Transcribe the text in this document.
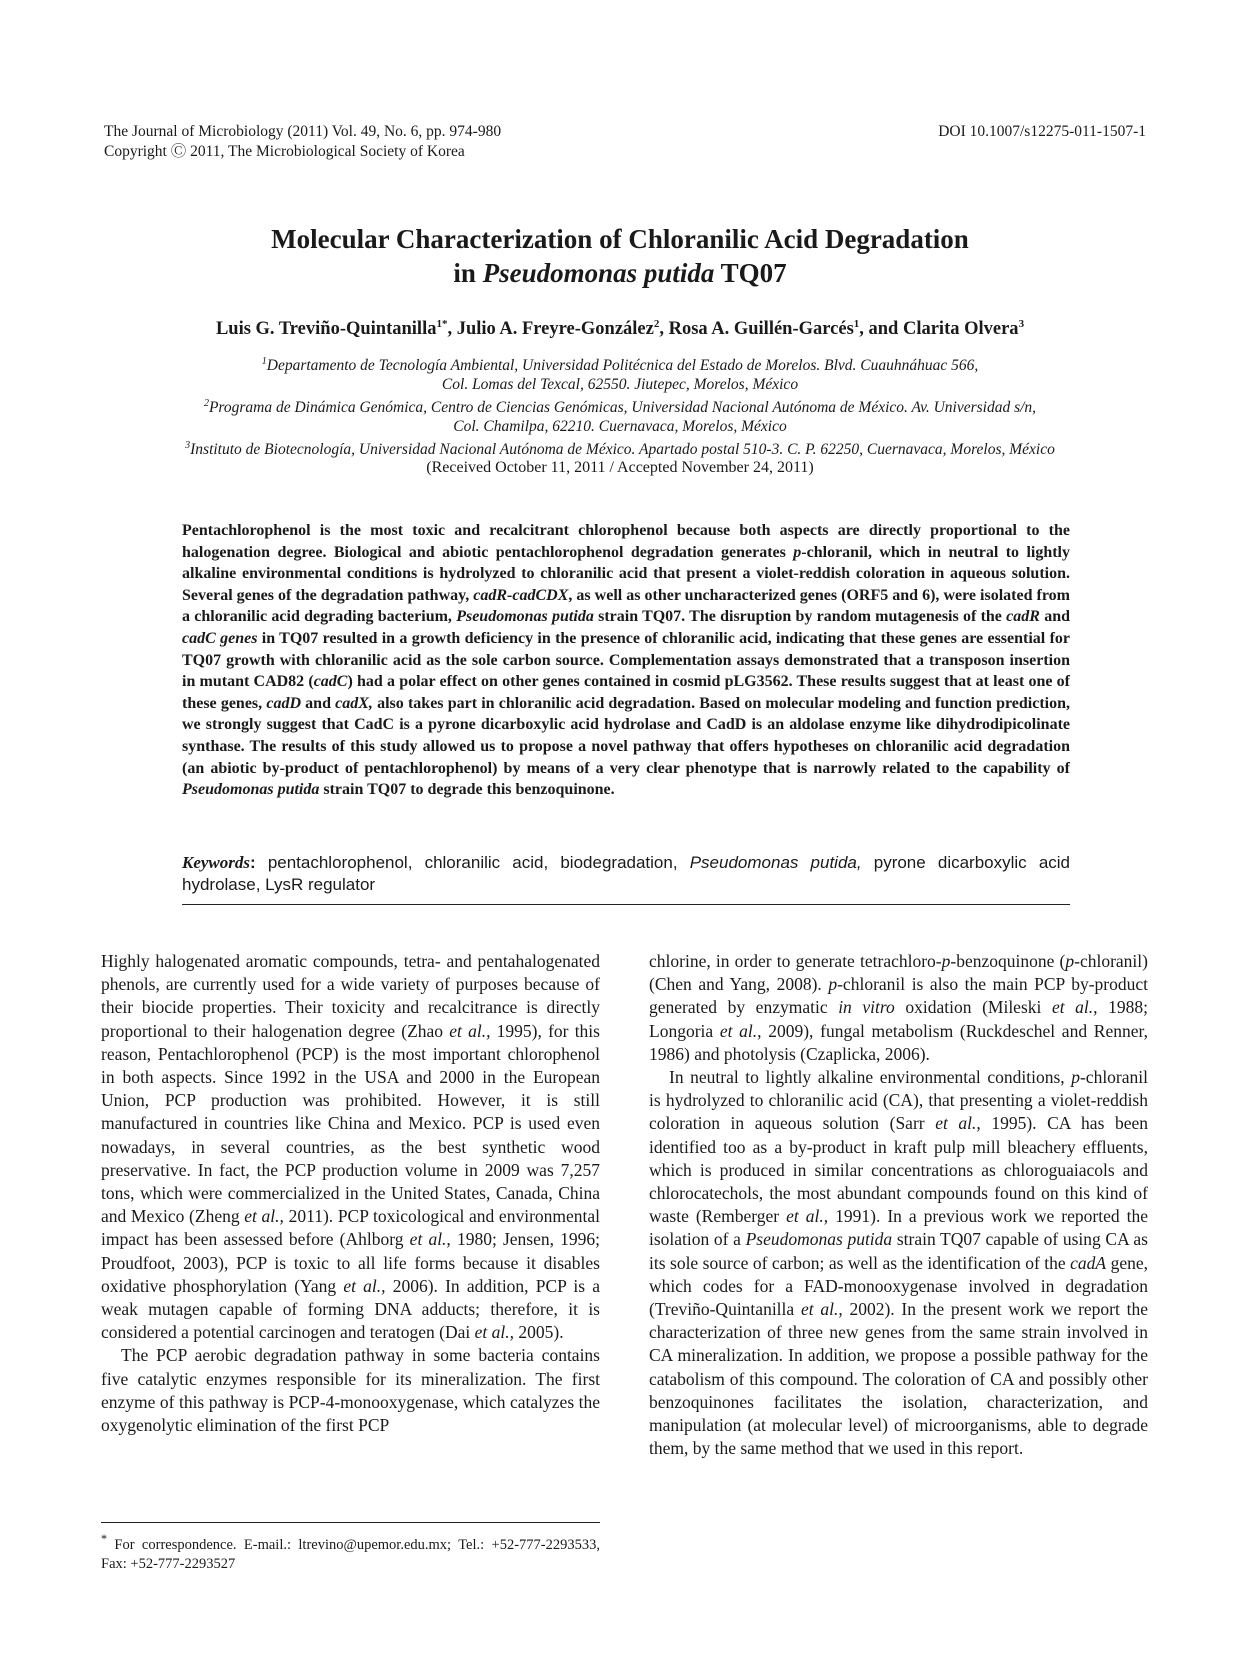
The Journal of Microbiology (2011) Vol. 49, No. 6, pp. 974-980
Copyright Ⓒ 2011, The Microbiological Society of Korea
DOI 10.1007/s12275-011-1507-1
Molecular Characterization of Chloranilic Acid Degradation
in Pseudomonas putida TQ07
Luis G. Treviño-Quintanilla$^{1*}$, Julio A. Freyre-González$^2$, Rosa A. Guillén-Garcés$^1$, and Clarita Olvera$^3$
$^1$Departamento de Tecnología Ambiental, Universidad Politécnica del Estado de Morelos. Blvd. Cuauhnáhuac 566,
Col. Lomas del Texcal, 62550. Jiutepec, Morelos, México
$^2$Programa de Dinámica Genómica, Centro de Ciencias Genómicas, Universidad Nacional Autónoma de México. Av. Universidad s/n,
Col. Chamilpa, 62210. Cuernavaca, Morelos, México
$^3$Instituto de Biotecnología, Universidad Nacional Autónoma de México. Apartado postal 510-3. C. P. 62250, Cuernavaca, Morelos, México
(Received October 11, 2011 / Accepted November 24, 2011)
Pentachlorophenol is the most toxic and recalcitrant chlorophenol because both aspects are directly proportional to the halogenation degree. Biological and abiotic pentachlorophenol degradation generates p-chloranil, which in neutral to lightly alkaline environmental conditions is hydrolyzed to chloranilic acid that present a violet-reddish coloration in aqueous solution. Several genes of the degradation pathway, cadR-cadCDX, as well as other uncharacterized genes (ORF5 and 6), were isolated from a chloranilic acid degrading bacterium, Pseudomonas putida strain TQ07. The disruption by random mutagenesis of the cadR and cadC genes in TQ07 resulted in a growth deficiency in the presence of chloranilic acid, indicating that these genes are essential for TQ07 growth with chloranilic acid as the sole carbon source. Complementation assays demonstrated that a transposon insertion in mutant CAD82 (cadC) had a polar effect on other genes contained in cosmid pLG3562. These results suggest that at least one of these genes, cadD and cadX, also takes part in chloranilic acid degradation. Based on molecular modeling and function prediction, we strongly suggest that CadC is a pyrone dicarboxylic acid hydrolase and CadD is an aldolase enzyme like dihydrodipicolinate synthase. The results of this study allowed us to propose a novel pathway that offers hypotheses on chloranilic acid degradation (an abiotic by-product of pentachlorophenol) by means of a very clear phenotype that is narrowly related to the capability of Pseudomonas putida strain TQ07 to degrade this benzoquinone.
Keywords: pentachlorophenol, chloranilic acid, biodegradation, Pseudomonas putida, pyrone dicarboxylic acid hydrolase, LysR regulator

Highly halogenated aromatic compounds, tetra- and pentahalogenated phenols, are currently used for a wide variety of purposes because of their biocide properties. Their toxicity and recalcitrance is directly proportional to their halogenation degree (Zhao et al., 1995), for this reason, Pentachlorophenol (PCP) is the most important chlorophenol in both aspects. Since 1992 in the USA and 2000 in the European Union, PCP production was prohibited. However, it is still manufactured in countries like China and Mexico. PCP is used even nowadays, in several countries, as the best synthetic wood preservative. In fact, the PCP production volume in 2009 was 7,257 tons, which were commercialized in the United States, Canada, China and Mexico (Zheng et al., 2011). PCP toxicological and environmental impact has been assessed before (Ahlborg et al., 1980; Jensen, 1996; Proudfoot, 2003), PCP is toxic to all life forms because it disables oxidative phosphorylation (Yang et al., 2006). In addition, PCP is a weak mutagen capable of forming DNA adducts; therefore, it is considered a potential carcinogen and teratogen (Dai et al., 2005).

The PCP aerobic degradation pathway in some bacteria contains five catalytic enzymes responsible for its mineralization. The first enzyme of this pathway is PCP-4-monooxygenase, which catalyzes the oxygenolytic elimination of the first PCP

chlorine, in order to generate tetrachloro-p-benzoquinone (p-chloranil) (Chen and Yang, 2008). p-chloranil is also the main PCP by-product generated by enzymatic in vitro oxidation (Mileski et al., 1988; Longoria et al., 2009), fungal metabolism (Ruckdeschel and Renner, 1986) and photolysis (Czaplicka, 2006).

In neutral to lightly alkaline environmental conditions, p-chloranil is hydrolyzed to chloranilic acid (CA), that presenting a violet-reddish coloration in aqueous solution (Sarr et al., 1995). CA has been identified too as a by-product in kraft pulp mill bleachery effluents, which is produced in similar concentrations as chloroguaiacols and chlorocatechols, the most abundant compounds found on this kind of waste (Remberger et al., 1991). In a previous work we reported the isolation of a Pseudomonas putida strain TQ07 capable of using CA as its sole source of carbon; as well as the identification of the cadA gene, which codes for a FAD-monooxygenase involved in degradation (Treviño-Quintanilla et al., 2002). In the present work we report the characterization of three new genes from the same strain involved in CA mineralization. In addition, we propose a possible pathway for the catabolism of this compound. The coloration of CA and possibly other benzoquinones facilitates the isolation, characterization, and manipulation (at molecular level) of microorganisms, able to degrade them, by the same method that we used in this report.

* For correspondence. E-mail.: ltrevino@upemor.edu.mx; Tel.: +52-777-2293533, Fax: +52-777-2293527
